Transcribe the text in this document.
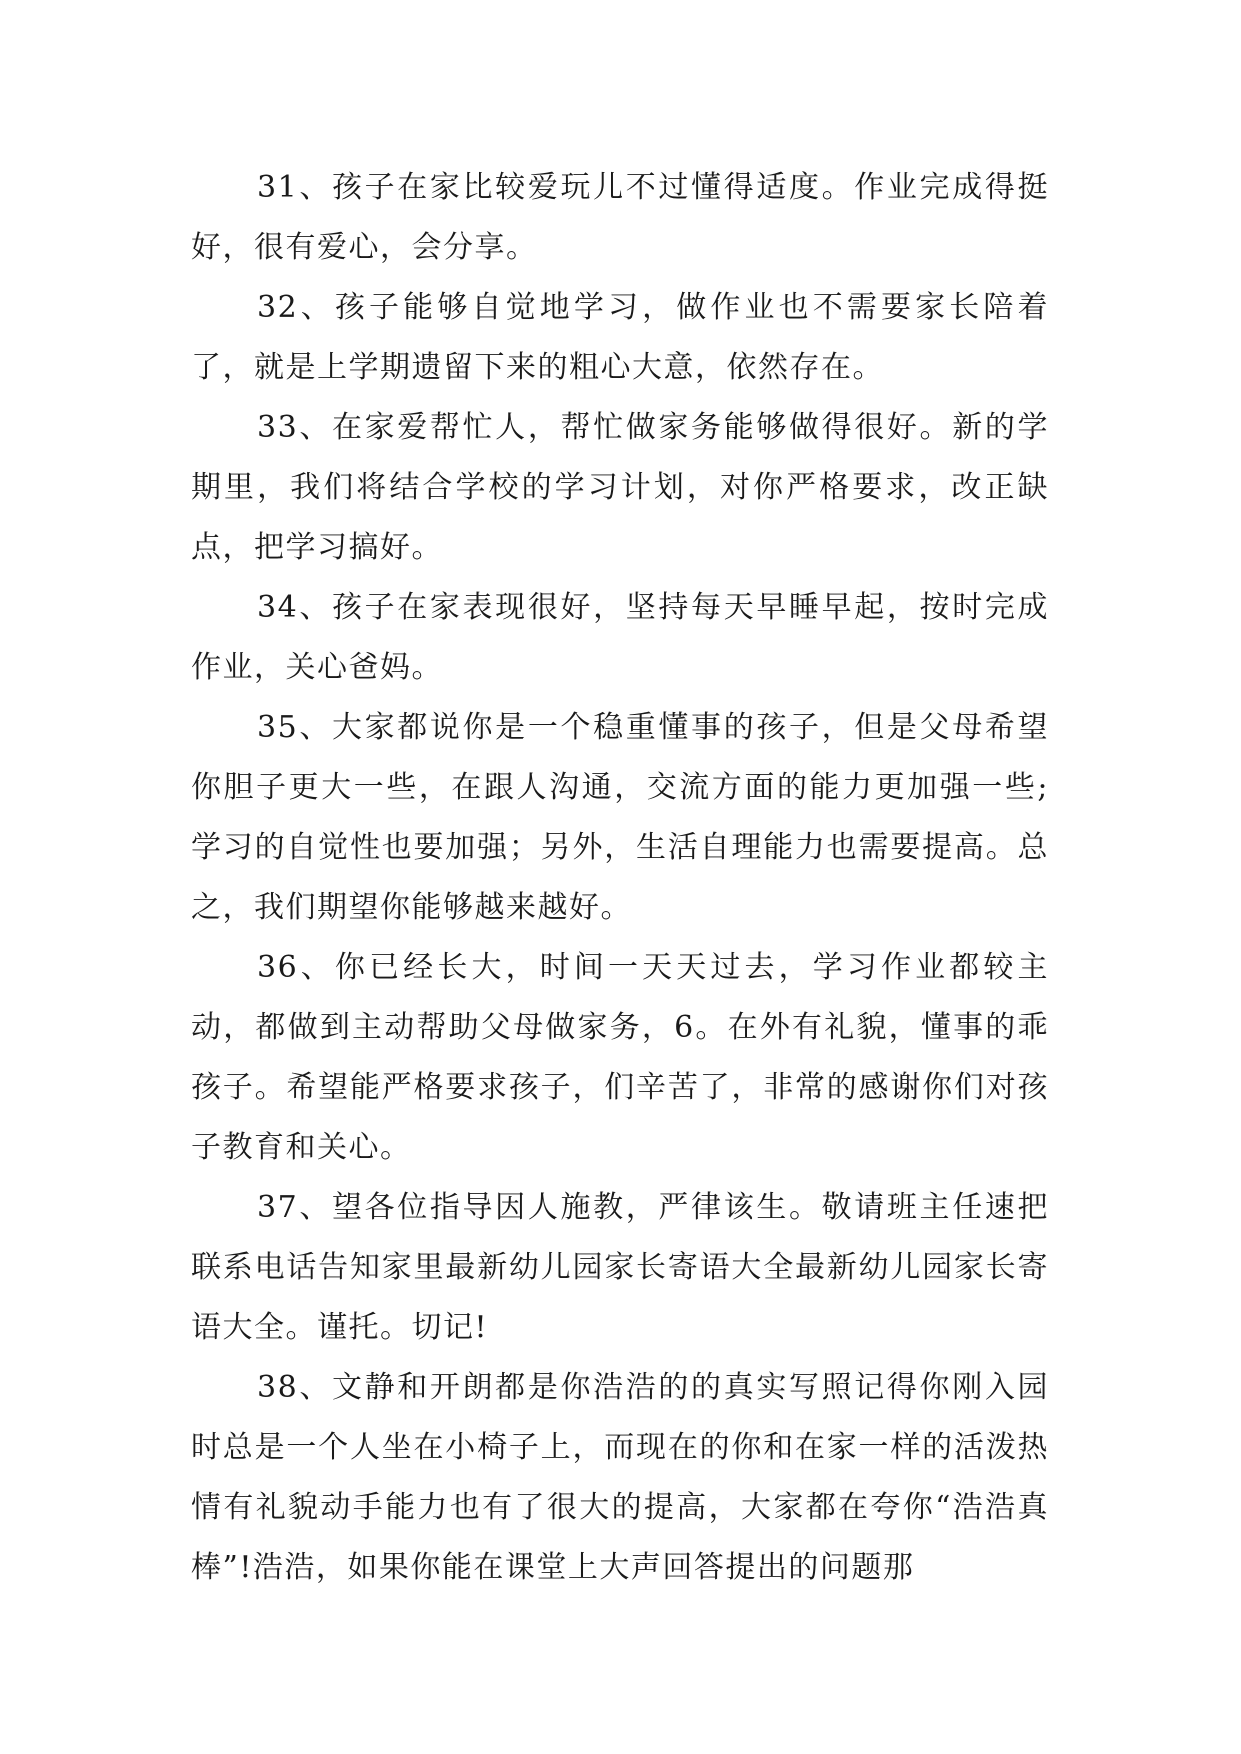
31、孩子在家比较爱玩儿不过懂得适度。作业完成得挺好，很有爱心，会分享。

32、孩子能够自觉地学习，做作业也不需要家长陪着了，就是上学期遗留下来的粗心大意，依然存在。

33、在家爱帮忙人，帮忙做家务能够做得很好。新的学期里，我们将结合学校的学习计划，对你严格要求，改正缺点，把学习搞好。

34、孩子在家表现很好，坚持每天早睡早起，按时完成作业，关心爸妈。

35、大家都说你是一个稳重懂事的孩子，但是父母希望你胆子更大一些，在跟人沟通，交流方面的能力更加强一些;学习的自觉性也要加强；另外，生活自理能力也需要提高。总之，我们期望你能够越来越好。

36、你已经长大，时间一天天过去，学习作业都较主动，都做到主动帮助父母做家务，6。在外有礼貌，懂事的乖孩子。希望能严格要求孩子，们辛苦了，非常的感谢你们对孩子教育和关心。

37、望各位指导因人施教，严律该生。敬请班主任速把联系电话告知家里最新幼儿园家长寄语大全最新幼儿园家长寄语大全。谨托。切记!

38、文静和开朗都是你浩浩的的真实写照记得你刚入园时总是一个人坐在小椅子上，而现在的你和在家一样的活泼热情有礼貌动手能力也有了很大的提高，大家都在夸你“浩浩真棒”!浩浩，如果你能在课堂上大声回答提出的问题那
